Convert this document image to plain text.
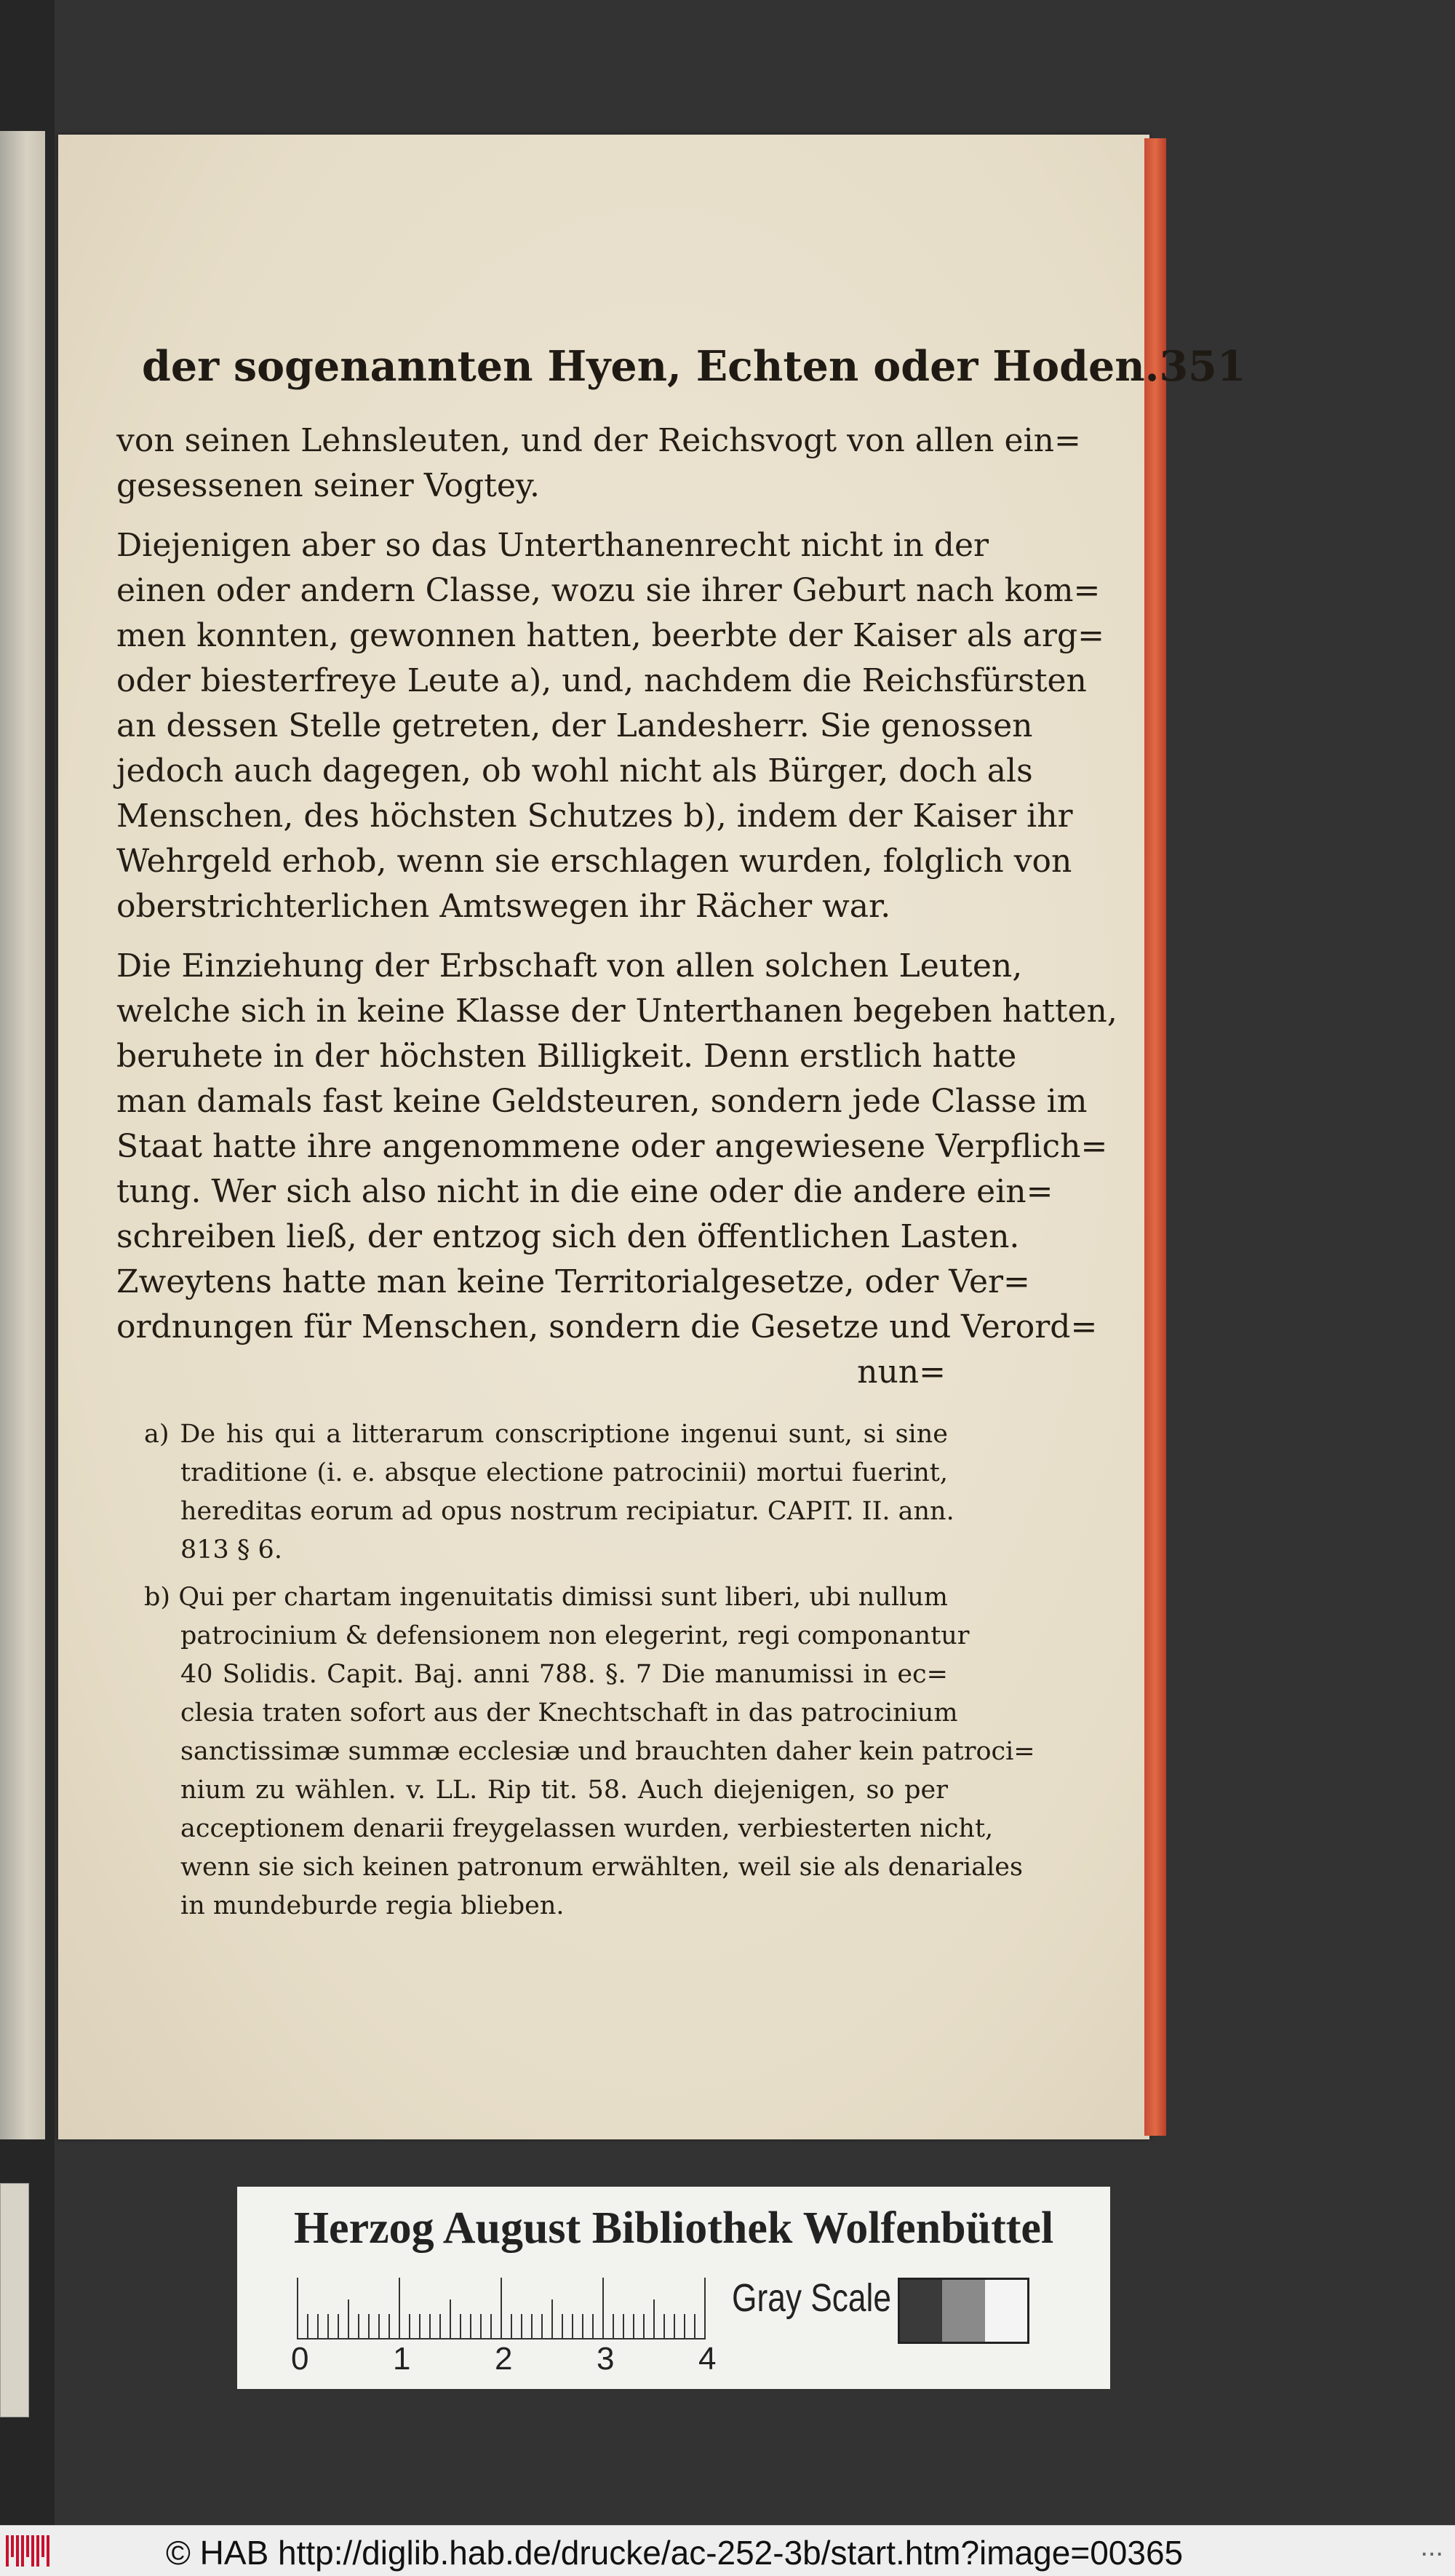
der sogenannten Hyen, Echten oder Hoden. 351
von seinen Lehnsleuten, und der Reichsvogt von allen ein=
gesessenen seiner Vogtey.
Diejenigen aber so das Unterthanenrecht nicht in der
einen oder andern Classe, wozu sie ihrer Geburt nach kom=
men konnten, gewonnen hatten, beerbte der Kaiser als arg=
oder biesterfreye Leute a), und, nachdem die Reichsfürsten
an dessen Stelle getreten, der Landesherr. Sie genossen
jedoch auch dagegen, ob wohl nicht als Bürger, doch als
Menschen, des höchsten Schutzes b), indem der Kaiser ihr
Wehrgeld erhob, wenn sie erschlagen wurden, folglich von
oberstrichterlichen Amtswegen ihr Rächer war.
Die Einziehung der Erbschaft von allen solchen Leuten,
welche sich in keine Klasse der Unterthanen begeben hatten,
beruhete in der höchsten Billigkeit. Denn erstlich hatte
man damals fast keine Geldsteuren, sondern jede Classe im
Staat hatte ihre angenommene oder angewiesene Verpflich=
tung. Wer sich also nicht in die eine oder die andere ein=
schreiben ließ, der entzog sich den öffentlichen Lasten.
Zweytens hatte man keine Territorialgesetze, oder Ver=
ordnungen für Menschen, sondern die Gesetze und Verord=
nun=
a) De his qui a litterarum conscriptione ingenui sunt, si sine
traditione (i. e. absque electione patrocinii) mortui fuerint,
hereditas eorum ad opus nostrum recipiatur. CAPIT. II. ann.
813 § 6.
b) Qui per chartam ingenuitatis dimissi sunt liberi, ubi nullum
patrocinium & defensionem non elegerint, regi componantur
40 Solidis. Capit. Baj. anni 788. §. 7 Die manumissi in ec=
clesia traten sofort aus der Knechtschaft in das patrocinium
sanctissimæ summæ ecclesiæ und brauchten daher kein patroci=
nium zu wählen. v. LL. Rip tit. 58. Auch diejenigen, so per
acceptionem denarii freygelassen wurden, verbiesterten nicht,
wenn sie sich keinen patronum erwählten, weil sie als denariales
in mundeburde regia blieben.
Herzog August Bibliothek Wolfenbüttel
0	1	2	3	4
Gray Scale
© HAB http://diglib.hab.de/drucke/ac-252-3b/start.htm?image=00365	...
